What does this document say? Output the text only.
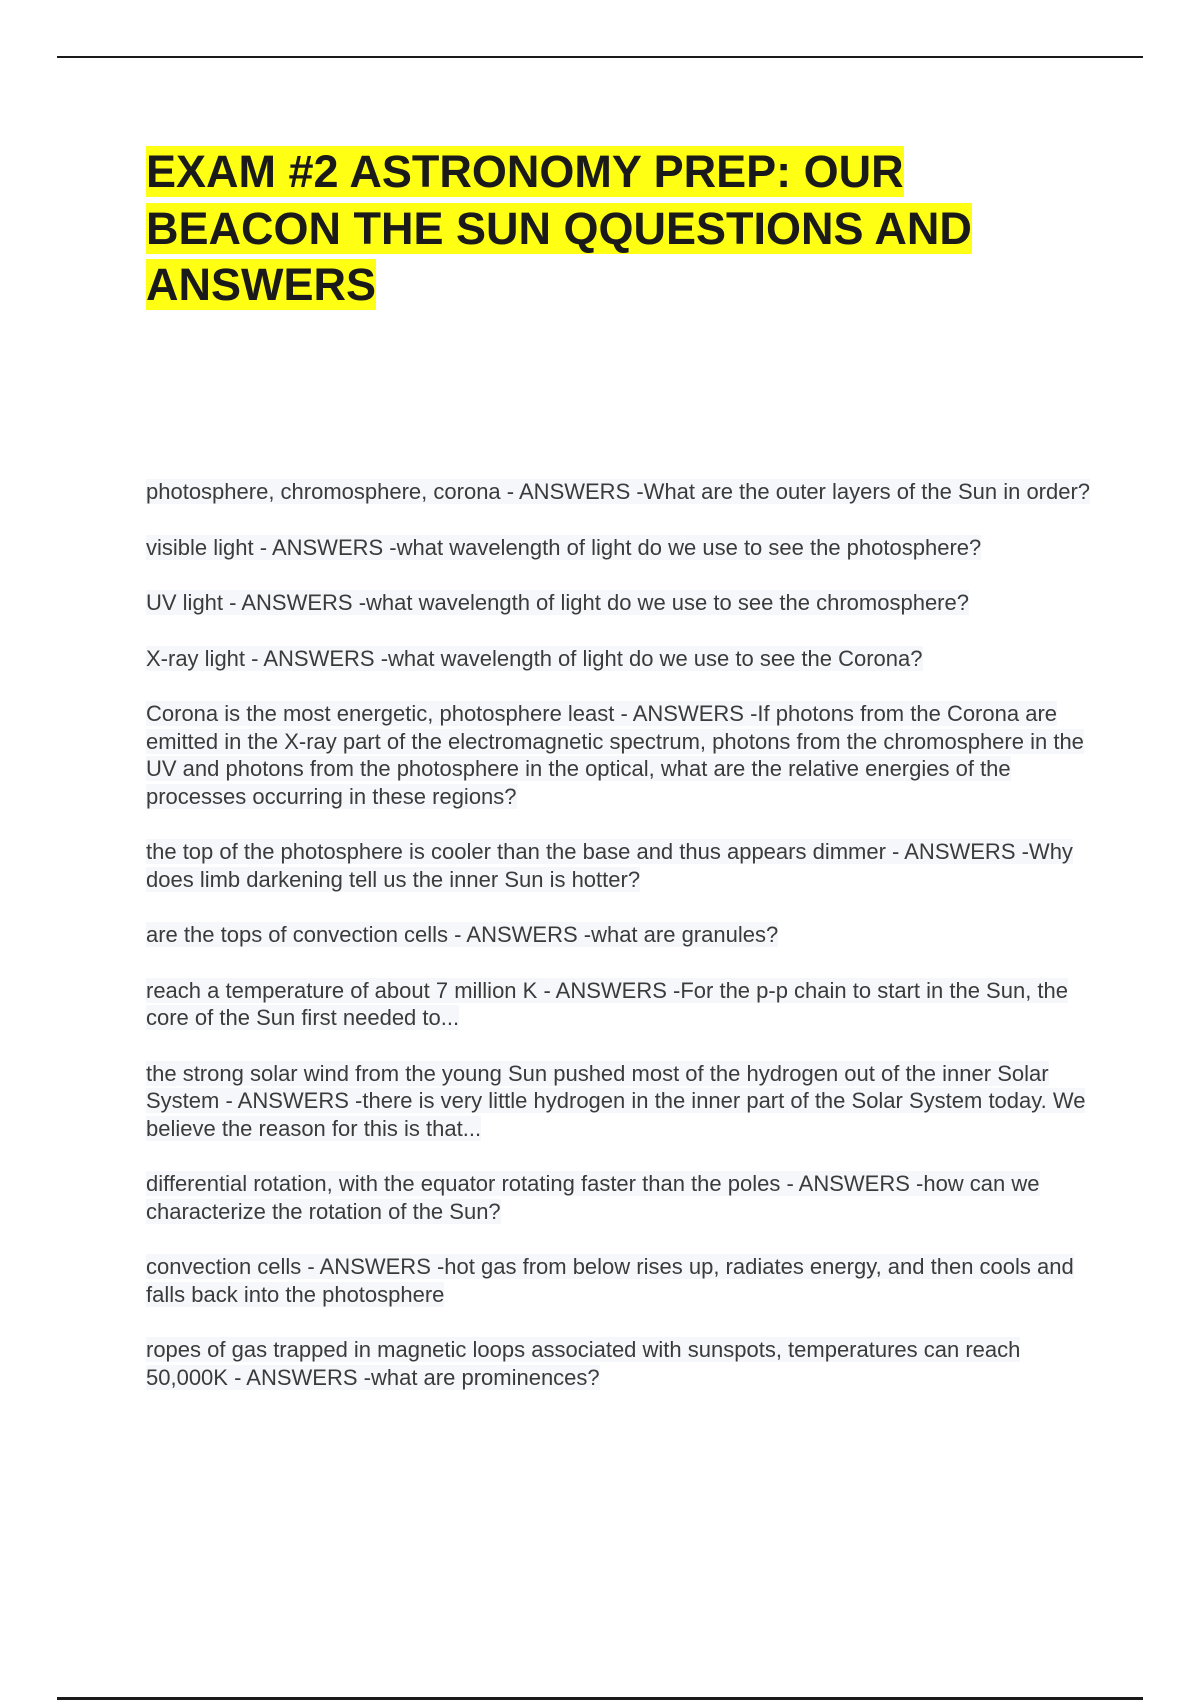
EXAM #2 ASTRONOMY PREP: OUR BEACON THE SUN QQUESTIONS AND ANSWERS
photosphere, chromosphere, corona - ANSWERS -What are the outer layers of the Sun in order?
visible light - ANSWERS -what wavelength of light do we use to see the photosphere?
UV light - ANSWERS -what wavelength of light do we use to see the chromosphere?
X-ray light - ANSWERS -what wavelength of light do we use to see the Corona?
Corona is the most energetic, photosphere least - ANSWERS -If photons from the Corona are emitted in the X-ray part of the electromagnetic spectrum, photons from the chromosphere in the UV and photons from the photosphere in the optical, what are the relative energies of the processes occurring in these regions?
the top of the photosphere is cooler than the base and thus appears dimmer - ANSWERS -Why does limb darkening tell us the inner Sun is hotter?
are the tops of convection cells - ANSWERS -what are granules?
reach a temperature of about 7 million K - ANSWERS -For the p-p chain to start in the Sun, the core of the Sun first needed to...
the strong solar wind from the young Sun pushed most of the hydrogen out of the inner Solar System - ANSWERS -there is very little hydrogen in the inner part of the Solar System today. We believe the reason for this is that...
differential rotation, with the equator rotating faster than the poles - ANSWERS -how can we characterize the rotation of the Sun?
convection cells - ANSWERS -hot gas from below rises up, radiates energy, and then cools and falls back into the photosphere
ropes of gas trapped in magnetic loops associated with sunspots, temperatures can reach 50,000K - ANSWERS -what are prominences?
